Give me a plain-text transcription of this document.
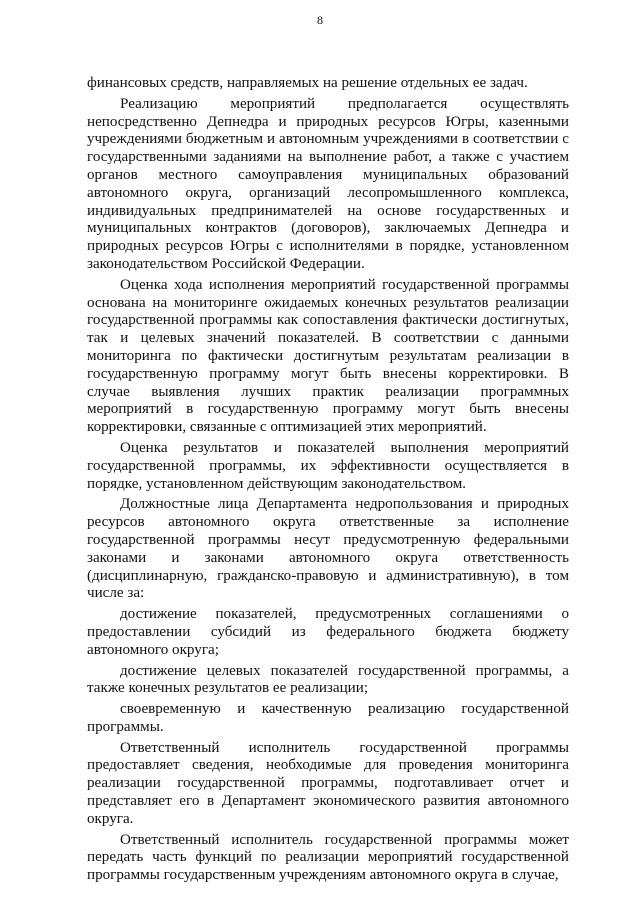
8

финансовых средств, направляемых на решение отдельных ее задач.

Реализацию мероприятий предполагается осуществлять непосредственно Депнедра и природных ресурсов Югры, казенными учреждениями бюджетным и автономным учреждениями в соответствии с государственными заданиями на выполнение работ, а также с участием органов местного самоуправления муниципальных образований автономного округа, организаций лесопромышленного комплекса, индивидуальных предпринимателей на основе государственных и муниципальных контрактов (договоров), заключаемых Депнедра и природных ресурсов Югры с исполнителями в порядке, установленном законодательством Российской Федерации.

Оценка хода исполнения мероприятий государственной программы основана на мониторинге ожидаемых конечных результатов реализации государственной программы как сопоставления фактически достигнутых, так и целевых значений показателей. В соответствии с данными мониторинга по фактически достигнутым результатам реализации в государственную программу могут быть внесены корректировки. В случае выявления лучших практик реализации программных мероприятий в государственную программу могут быть внесены корректировки, связанные с оптимизацией этих мероприятий.

Оценка результатов и показателей выполнения мероприятий государственной программы, их эффективности осуществляется в порядке, установленном действующим законодательством.

Должностные лица Департамента недропользования и природных ресурсов автономного округа ответственные за исполнение государственной программы несут предусмотренную федеральными законами и законами автономного округа ответственность (дисциплинарную, гражданско-правовую и административную), в том числе за:

достижение показателей, предусмотренных соглашениями о предоставлении субсидий из федерального бюджета бюджету автономного округа;

достижение целевых показателей государственной программы, а также конечных результатов ее реализации;

своевременную и качественную реализацию государственной программы.

Ответственный исполнитель государственной программы предоставляет сведения, необходимые для проведения мониторинга реализации государственной программы, подготавливает отчет и представляет его в Департамент экономического развития автономного округа.

Ответственный исполнитель государственной программы может передать часть функций по реализации мероприятий государственной программы государственным учреждениям автономного округа в случае,
